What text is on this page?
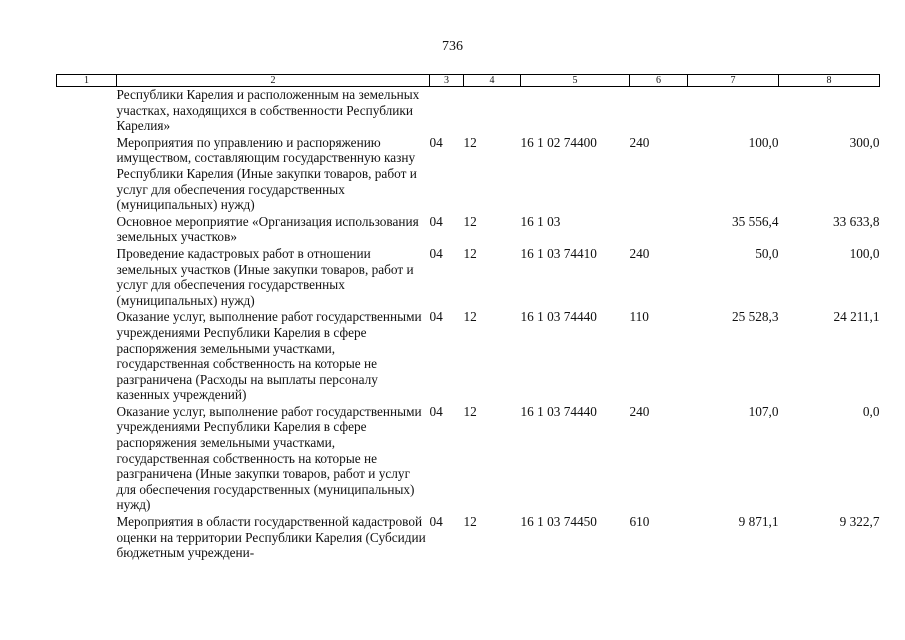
736
1	2	3	4	5	6	7	8
	Республики Карелия и расположенным на земельных участках, находящихся в собственности Республики Карелия»						
	Мероприятия по управлению и распоряжению имуществом, составляющим государственную казну Республики Карелия (Иные закупки товаров, работ и услуг для обеспечения государственных (муниципальных) нужд)	04	12	16 1 02 74400	240	100,0	300,0
	Основное мероприятие «Организация использования земельных участков»	04	12	16 1 03		35 556,4	33 633,8
	Проведение кадастровых работ в отношении земельных участков (Иные закупки товаров, работ и услуг для обеспечения государственных (муниципальных) нужд)	04	12	16 1 03 74410	240	50,0	100,0
	Оказание услуг, выполнение работ государственными учреждениями Республики Карелия в сфере распоряжения земельными участками, государственная собственность на которые не разграничена (Расходы на выплаты персоналу казенных учреждений)	04	12	16 1 03 74440	110	25 528,3	24 211,1
	Оказание услуг, выполнение работ государственными учреждениями Республики Карелия в сфере распоряжения земельными участками, государственная собственность на которые не разграничена (Иные закупки товаров, работ и услуг для обеспечения государственных (муниципальных) нужд)	04	12	16 1 03 74440	240	107,0	0,0
	Мероприятия в области государственной кадастровой оценки на территории Республики Карелия (Субсидии бюджетным учреждени-	04	12	16 1 03 74450	610	9 871,1	9 322,7
